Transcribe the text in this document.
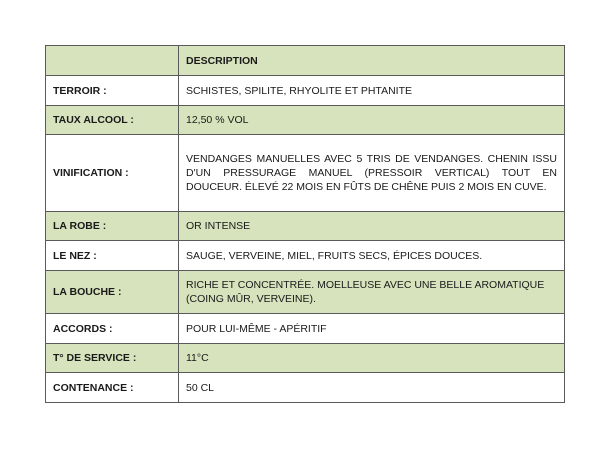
	DESCRIPTION
TERROIR :	SCHISTES, SPILITE, RHYOLITE ET PHTANITE
TAUX ALCOOL :	12,50 % VOL
VINIFICATION :	VENDANGES MANUELLES AVEC 5 TRIS DE VENDANGES. CHENIN ISSU D'UN PRESSURAGE MANUEL (PRESSOIR VERTICAL) TOUT EN DOUCEUR. ÉLEVÉ 22 MOIS EN FÛTS DE CHÊNE PUIS 2 MOIS EN CUVE.
LA ROBE :	OR INTENSE
LE NEZ :	SAUGE, VERVEINE, MIEL, FRUITS SECS, ÉPICES DOUCES.
LA BOUCHE :	RICHE ET CONCENTRÉE. MOELLEUSE AVEC UNE BELLE AROMATIQUE (COING MÛR, VERVEINE).
ACCORDS :	POUR LUI-MÊME - APÉRITIF
T° DE SERVICE :	11°C
CONTENANCE :	50 CL
